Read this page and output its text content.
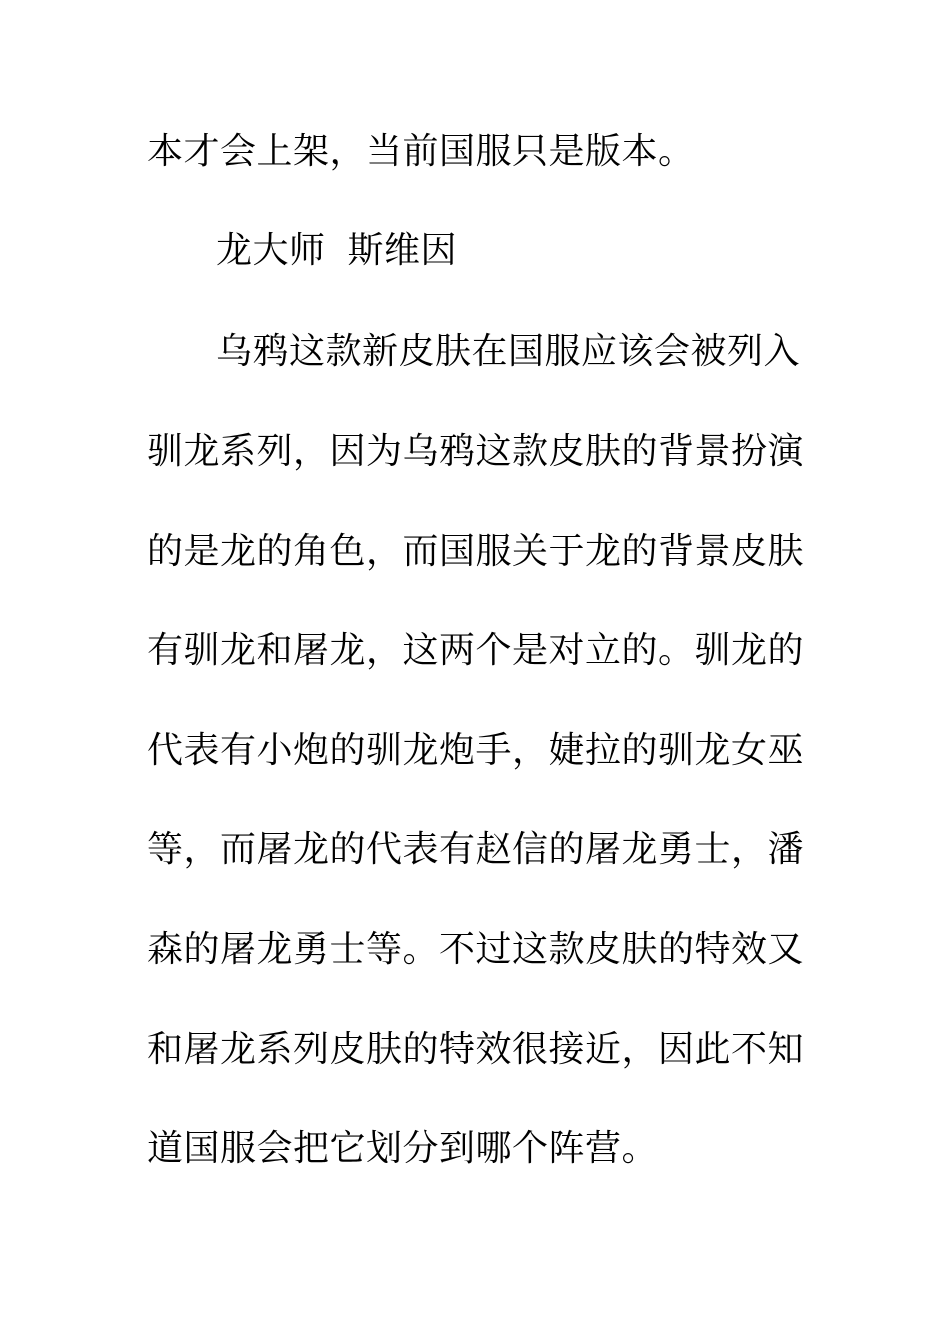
本才会上架，当前国服只是版本。

龙大师 斯维因

乌鸦这款新皮肤在国服应该会被列入

驯龙系列，因为乌鸦这款皮肤的背景扮演

的是龙的角色，而国服关于龙的背景皮肤

有驯龙和屠龙，这两个是对立的。驯龙的

代表有小炮的驯龙炮手，婕拉的驯龙女巫

等，而屠龙的代表有赵信的屠龙勇士，潘

森的屠龙勇士等。不过这款皮肤的特效又

和屠龙系列皮肤的特效很接近，因此不知

道国服会把它划分到哪个阵营。
